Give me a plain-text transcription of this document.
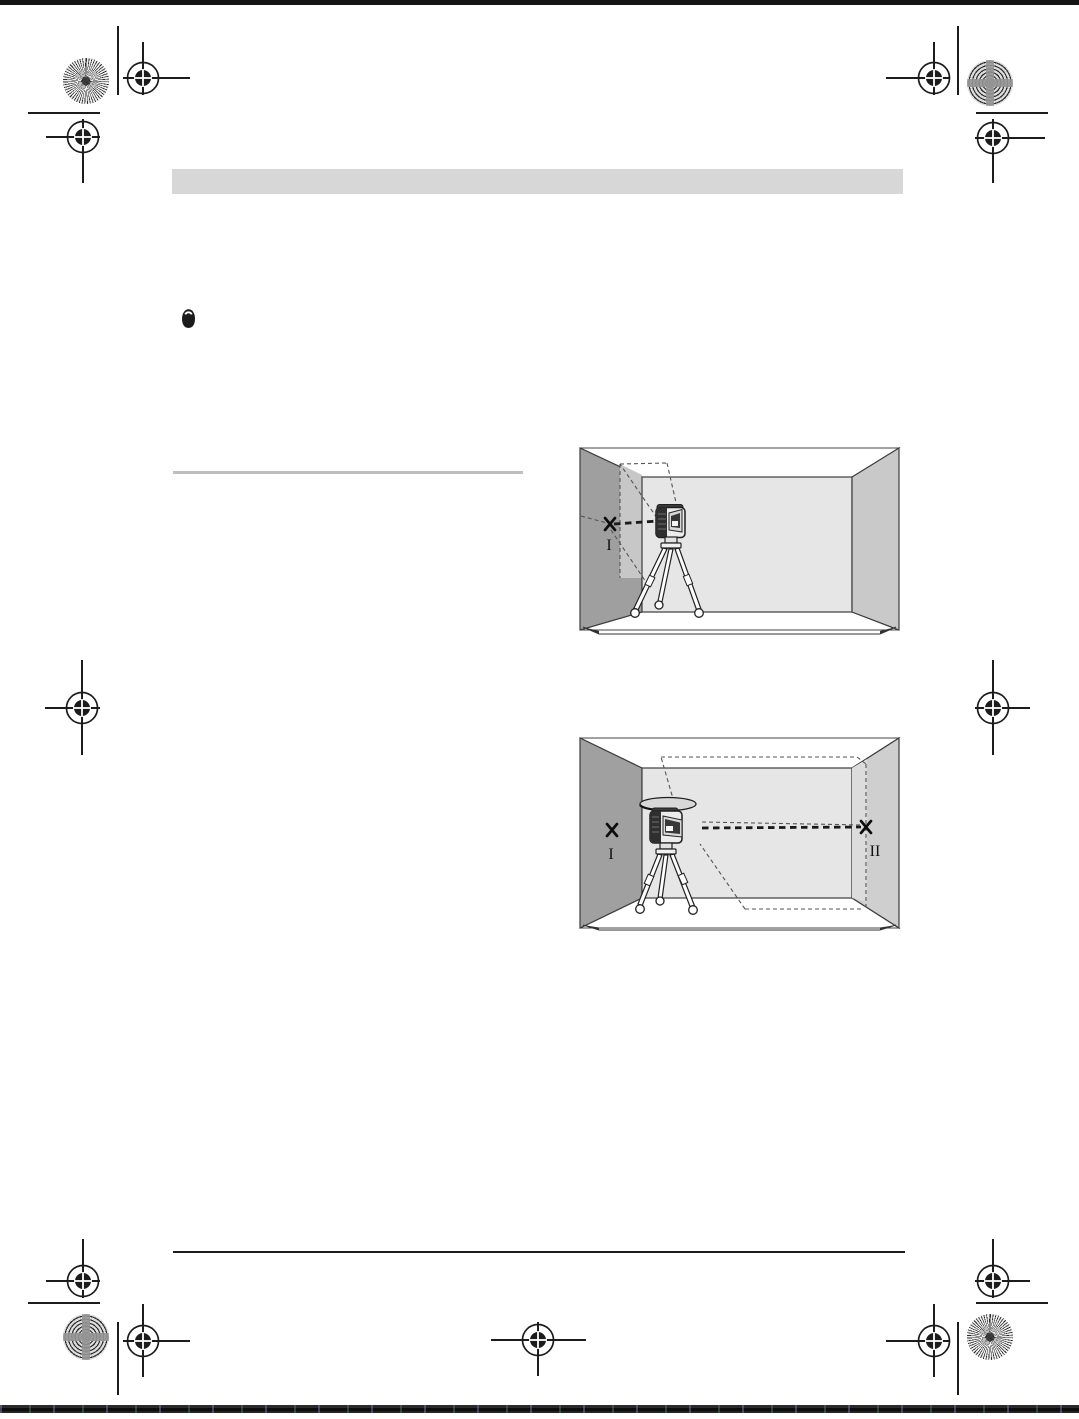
I
I	II
